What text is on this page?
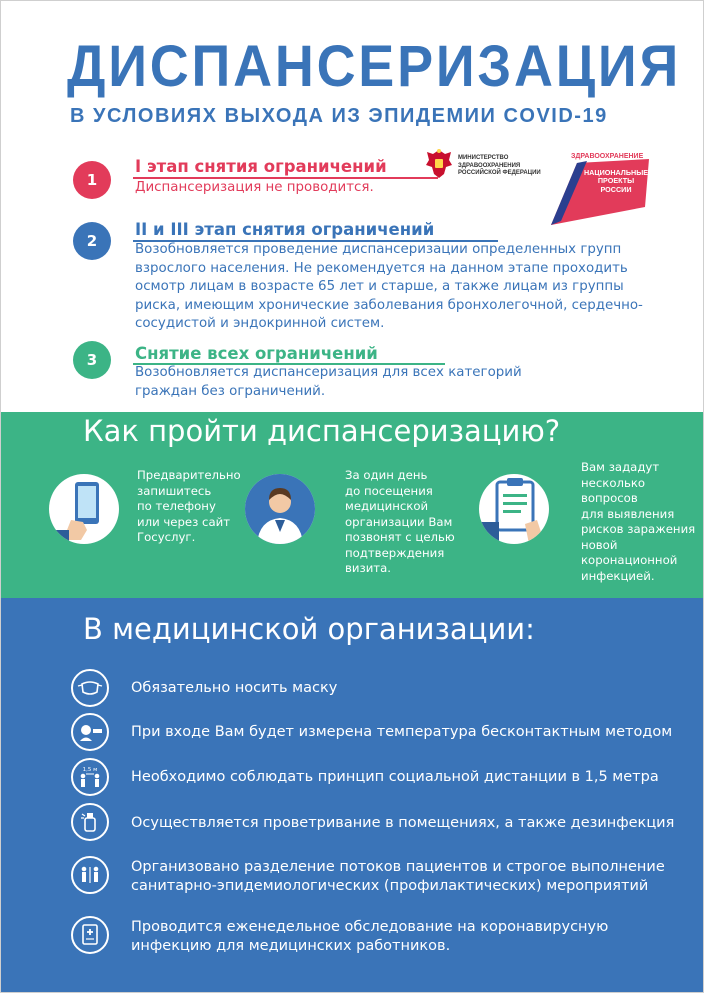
ДИСПАНСЕРИЗАЦИЯ
В УСЛОВИЯХ ВЫХОДА ИЗ ЭПИДЕМИИ COVID-19
МИНИСТЕРСТВО
ЗДРАВООХРАНЕНИЯ
РОССИЙСКОЙ ФЕДЕРАЦИИ
ЗДРАВООХРАНЕНИЕ
НАЦИОНАЛЬНЫЕ
ПРОЕКТЫ
РОССИИ
1
I этап снятия ограничений
Диспансеризация не проводится.
2
II и III этап снятия ограничений
Возобновляется проведение диспансеризации определенных групп
взрослого населения. Не рекомендуется на данном этапе проходить
осмотр лицам в возрасте 65 лет и старше, а также лицам из группы
риска, имеющим хронические заболевания бронхолегочной, сердечно-
сосудистой и эндокринной систем.
3	Снятие всех ограничений
Возобновляется диспансеризация для всех категорий
граждан без ограничений.
Как пройти диспансеризацию?
Предварительно
запишитесь
по телефону
или через сайт
Госуслуг.
За один день
до посещения
медицинской
организации Вам
позвонят с целью
подтверждения
визита.
Вам зададут
несколько
вопросов
для выявления
рисков заражения
новой
коронационной
инфекцией.
В медицинской организации:
Обязательно носить маску
При входе Вам будет измерена температура бесконтактным методом
1,5 м Необходимо соблюдать принцип социальной дистанции в 1,5 метра
Осуществляется проветривание в помещениях, а также дезинфекция
Организовано разделение потоков пациентов и строгое выполнение
санитарно-эпидемиологических (профилактических) мероприятий
Проводится еженедельное обследование на коронавирусную
инфекцию для медицинских работников.
